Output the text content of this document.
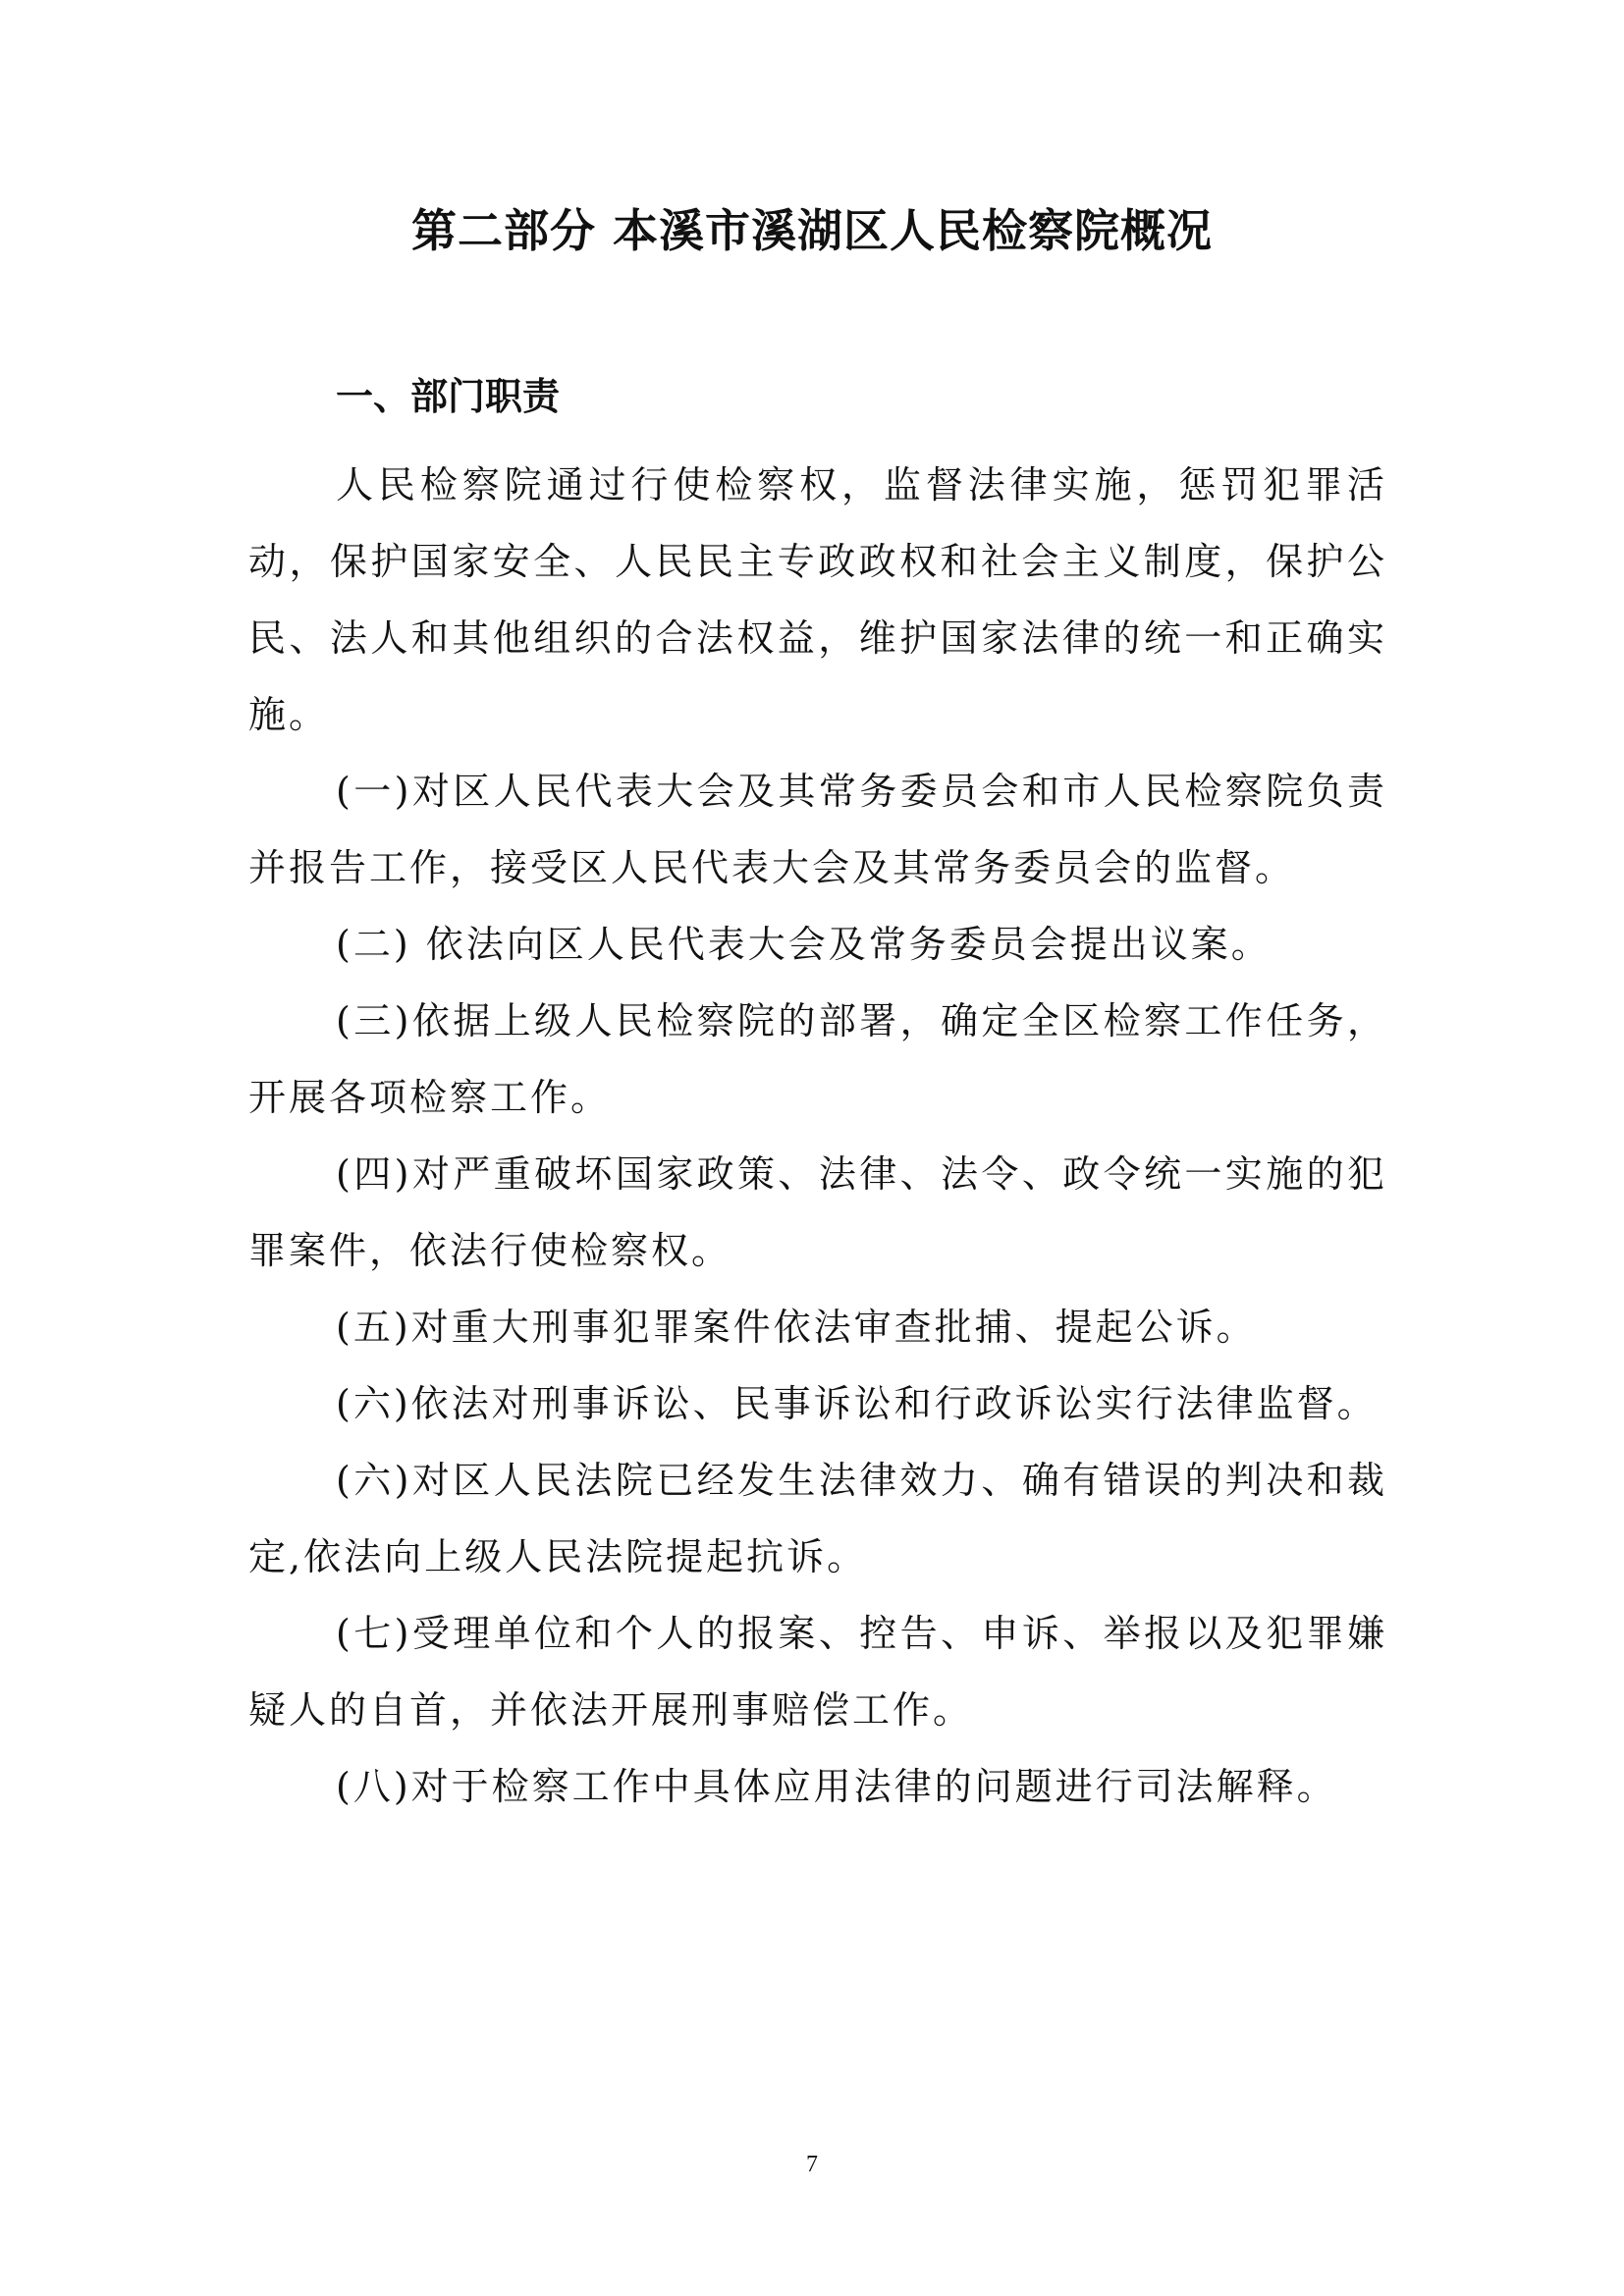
第二部分 本溪市溪湖区人民检察院概况
一、部门职责

人民检察院通过行使检察权，监督法律实施，惩罚犯罪活动，保护国家安全、人民民主专政政权和社会主义制度，保护公民、法人和其他组织的合法权益，维护国家法律的统一和正确实施。

(一)对区人民代表大会及其常务委员会和市人民检察院负责并报告工作，接受区人民代表大会及其常务委员会的监督。

(二) 依法向区人民代表大会及常务委员会提出议案。

(三)依据上级人民检察院的部署，确定全区检察工作任务，开展各项检察工作。

(四)对严重破坏国家政策、法律、法令、政令统一实施的犯罪案件，依法行使检察权。

(五)对重大刑事犯罪案件依法审查批捕、提起公诉。

(六)依法对刑事诉讼、民事诉讼和行政诉讼实行法律监督。

(六)对区人民法院已经发生法律效力、确有错误的判决和裁定,依法向上级人民法院提起抗诉。

(七)受理单位和个人的报案、控告、申诉、举报以及犯罪嫌疑人的自首，并依法开展刑事赔偿工作。

(八)对于检察工作中具体应用法律的问题进行司法解释。

7
